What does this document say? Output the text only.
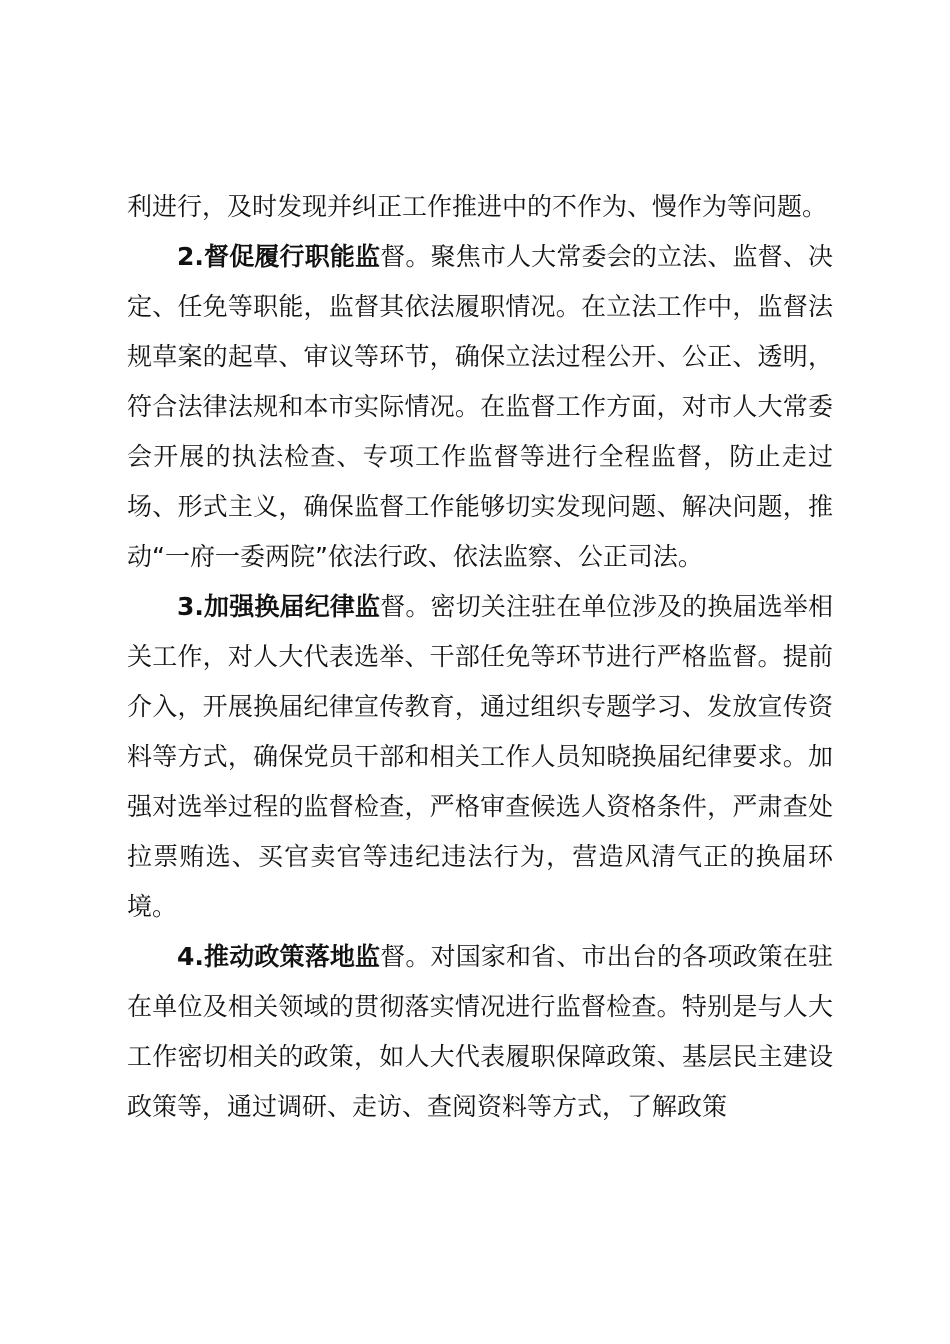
利进行，及时发现并纠正工作推进中的不作为、慢作为等问题。

2.督促履行职能监督。聚焦市人大常委会的立法、监督、决定、任免等职能，监督其依法履职情况。在立法工作中，监督法规草案的起草、审议等环节，确保立法过程公开、公正、透明，符合法律法规和本市实际情况。在监督工作方面，对市人大常委会开展的执法检查、专项工作监督等进行全程监督，防止走过场、形式主义，确保监督工作能够切实发现问题、解决问题，推动“一府一委两院”依法行政、依法监察、公正司法。

3.加强换届纪律监督。密切关注驻在单位涉及的换届选举相关工作，对人大代表选举、干部任免等环节进行严格监督。提前介入，开展换届纪律宣传教育，通过组织专题学习、发放宣传资料等方式，确保党员干部和相关工作人员知晓换届纪律要求。加强对选举过程的监督检查，严格审查候选人资格条件，严肃查处拉票贿选、买官卖官等违纪违法行为，营造风清气正的换届环境。

4.推动政策落地监督。对国家和省、市出台的各项政策在驻在单位及相关领域的贯彻落实情况进行监督检查。特别是与人大工作密切相关的政策，如人大代表履职保障政策、基层民主建设政策等，通过调研、走访、查阅资料等方式，了解政策
